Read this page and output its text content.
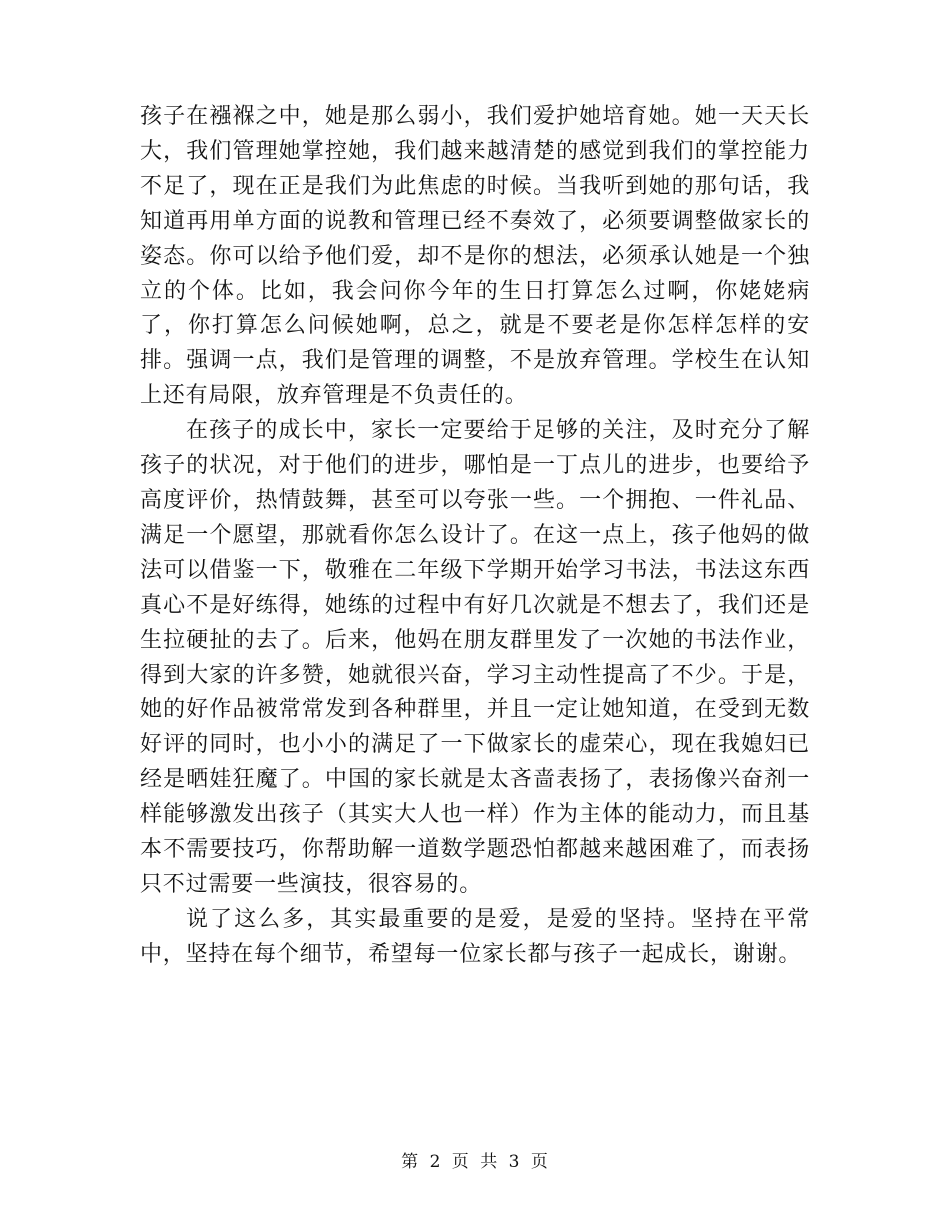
孩子在襁褓之中，她是那么弱小，我们爱护她培育她。她一天天长大，我们管理她掌控她，我们越来越清楚的感觉到我们的掌控能力不足了，现在正是我们为此焦虑的时候。当我听到她的那句话，我知道再用单方面的说教和管理已经不奏效了，必须要调整做家长的姿态。你可以给予他们爱，却不是你的想法，必须承认她是一个独立的个体。比如，我会问你今年的生日打算怎么过啊，你姥姥病了，你打算怎么问候她啊，总之，就是不要老是你怎样怎样的安排。强调一点，我们是管理的调整，不是放弃管理。学校生在认知上还有局限，放弃管理是不负责任的。

在孩子的成长中，家长一定要给于足够的关注，及时充分了解孩子的状况，对于他们的进步，哪怕是一丁点儿的进步，也要给予高度评价，热情鼓舞，甚至可以夸张一些。一个拥抱、一件礼品、满足一个愿望，那就看你怎么设计了。在这一点上，孩子他妈的做法可以借鉴一下，敬雅在二年级下学期开始学习书法，书法这东西真心不是好练得，她练的过程中有好几次就是不想去了，我们还是生拉硬扯的去了。后来，他妈在朋友群里发了一次她的书法作业，得到大家的许多赞，她就很兴奋，学习主动性提高了不少。于是，她的好作品被常常发到各种群里，并且一定让她知道，在受到无数好评的同时，也小小的满足了一下做家长的虚荣心，现在我媳妇已经是晒娃狂魔了。中国的家长就是太吝啬表扬了，表扬像兴奋剂一样能够激发出孩子（其实大人也一样）作为主体的能动力，而且基本不需要技巧，你帮助解一道数学题恐怕都越来越困难了，而表扬只不过需要一些演技，很容易的。

说了这么多，其实最重要的是爱，是爱的坚持。坚持在平常中，坚持在每个细节，希望每一位家长都与孩子一起成长，谢谢。

第 2 页 共 3 页
